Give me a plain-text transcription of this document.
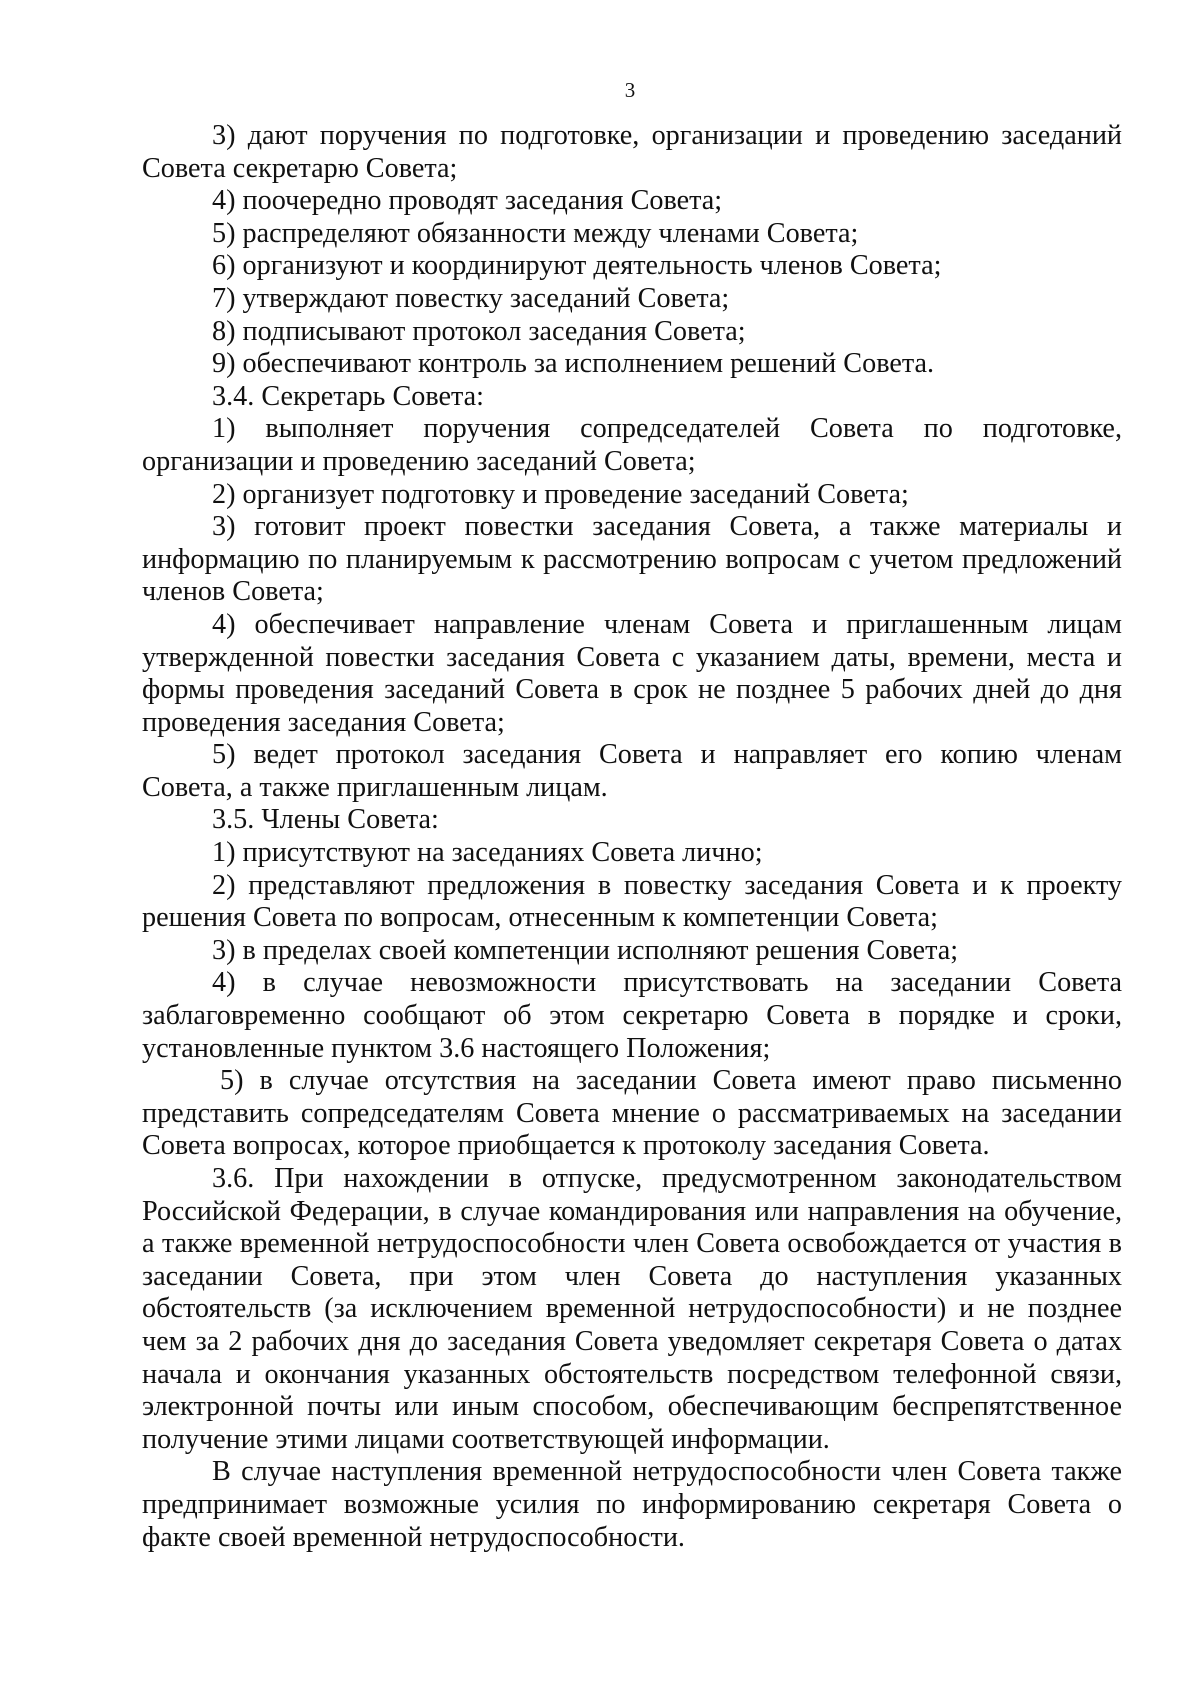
3

3) дают поручения по подготовке, организации и проведению заседаний Совета секретарю Совета;

4) поочередно проводят заседания Совета;

5) распределяют обязанности между членами Совета;

6) организуют и координируют деятельность членов Совета;

7) утверждают повестку заседаний Совета;

8) подписывают протокол заседания Совета;

9) обеспечивают контроль за исполнением решений Совета.

3.4. Секретарь Совета:

1) выполняет поручения сопредседателей Совета по подготовке, организации и проведению заседаний Совета;

2) организует подготовку и проведение заседаний Совета;

3) готовит проект повестки заседания Совета, а также материалы и информацию по планируемым к рассмотрению вопросам с учетом предложений членов Совета;

4) обеспечивает направление членам Совета и приглашенным лицам утвержденной повестки заседания Совета с указанием даты, времени, места и формы проведения заседаний Совета в срок не позднее 5 рабочих дней до дня проведения заседания Совета;

5) ведет протокол заседания Совета и направляет его копию членам Совета, а также приглашенным лицам.

3.5. Члены Совета:

1) присутствуют на заседаниях Совета лично;

2) представляют предложения в повестку заседания Совета и к проекту решения Совета по вопросам, отнесенным к компетенции Совета;

3) в пределах своей компетенции исполняют решения Совета;

4) в случае невозможности присутствовать на заседании Совета заблаговременно сообщают об этом секретарю Совета в порядке и сроки, установленные пунктом 3.6 настоящего Положения;

5) в случае отсутствия на заседании Совета имеют право письменно представить сопредседателям Совета мнение о рассматриваемых на заседании Совета вопросах, которое приобщается к протоколу заседания Совета.

3.6. При нахождении в отпуске, предусмотренном законодательством Российской Федерации, в случае командирования или направления на обучение, а также временной нетрудоспособности член Совета освобождается от участия в заседании Совета, при этом член Совета до наступления указанных обстоятельств (за исключением временной нетрудоспособности) и не позднее чем за 2 рабочих дня до заседания Совета уведомляет секретаря Совета о датах начала и окончания указанных обстоятельств посредством телефонной связи, электронной почты или иным способом, обеспечивающим беспрепятственное получение этими лицами соответствующей информации.

В случае наступления временной нетрудоспособности член Совета также предпринимает возможные усилия по информированию секретаря Совета о факте своей временной нетрудоспособности.
